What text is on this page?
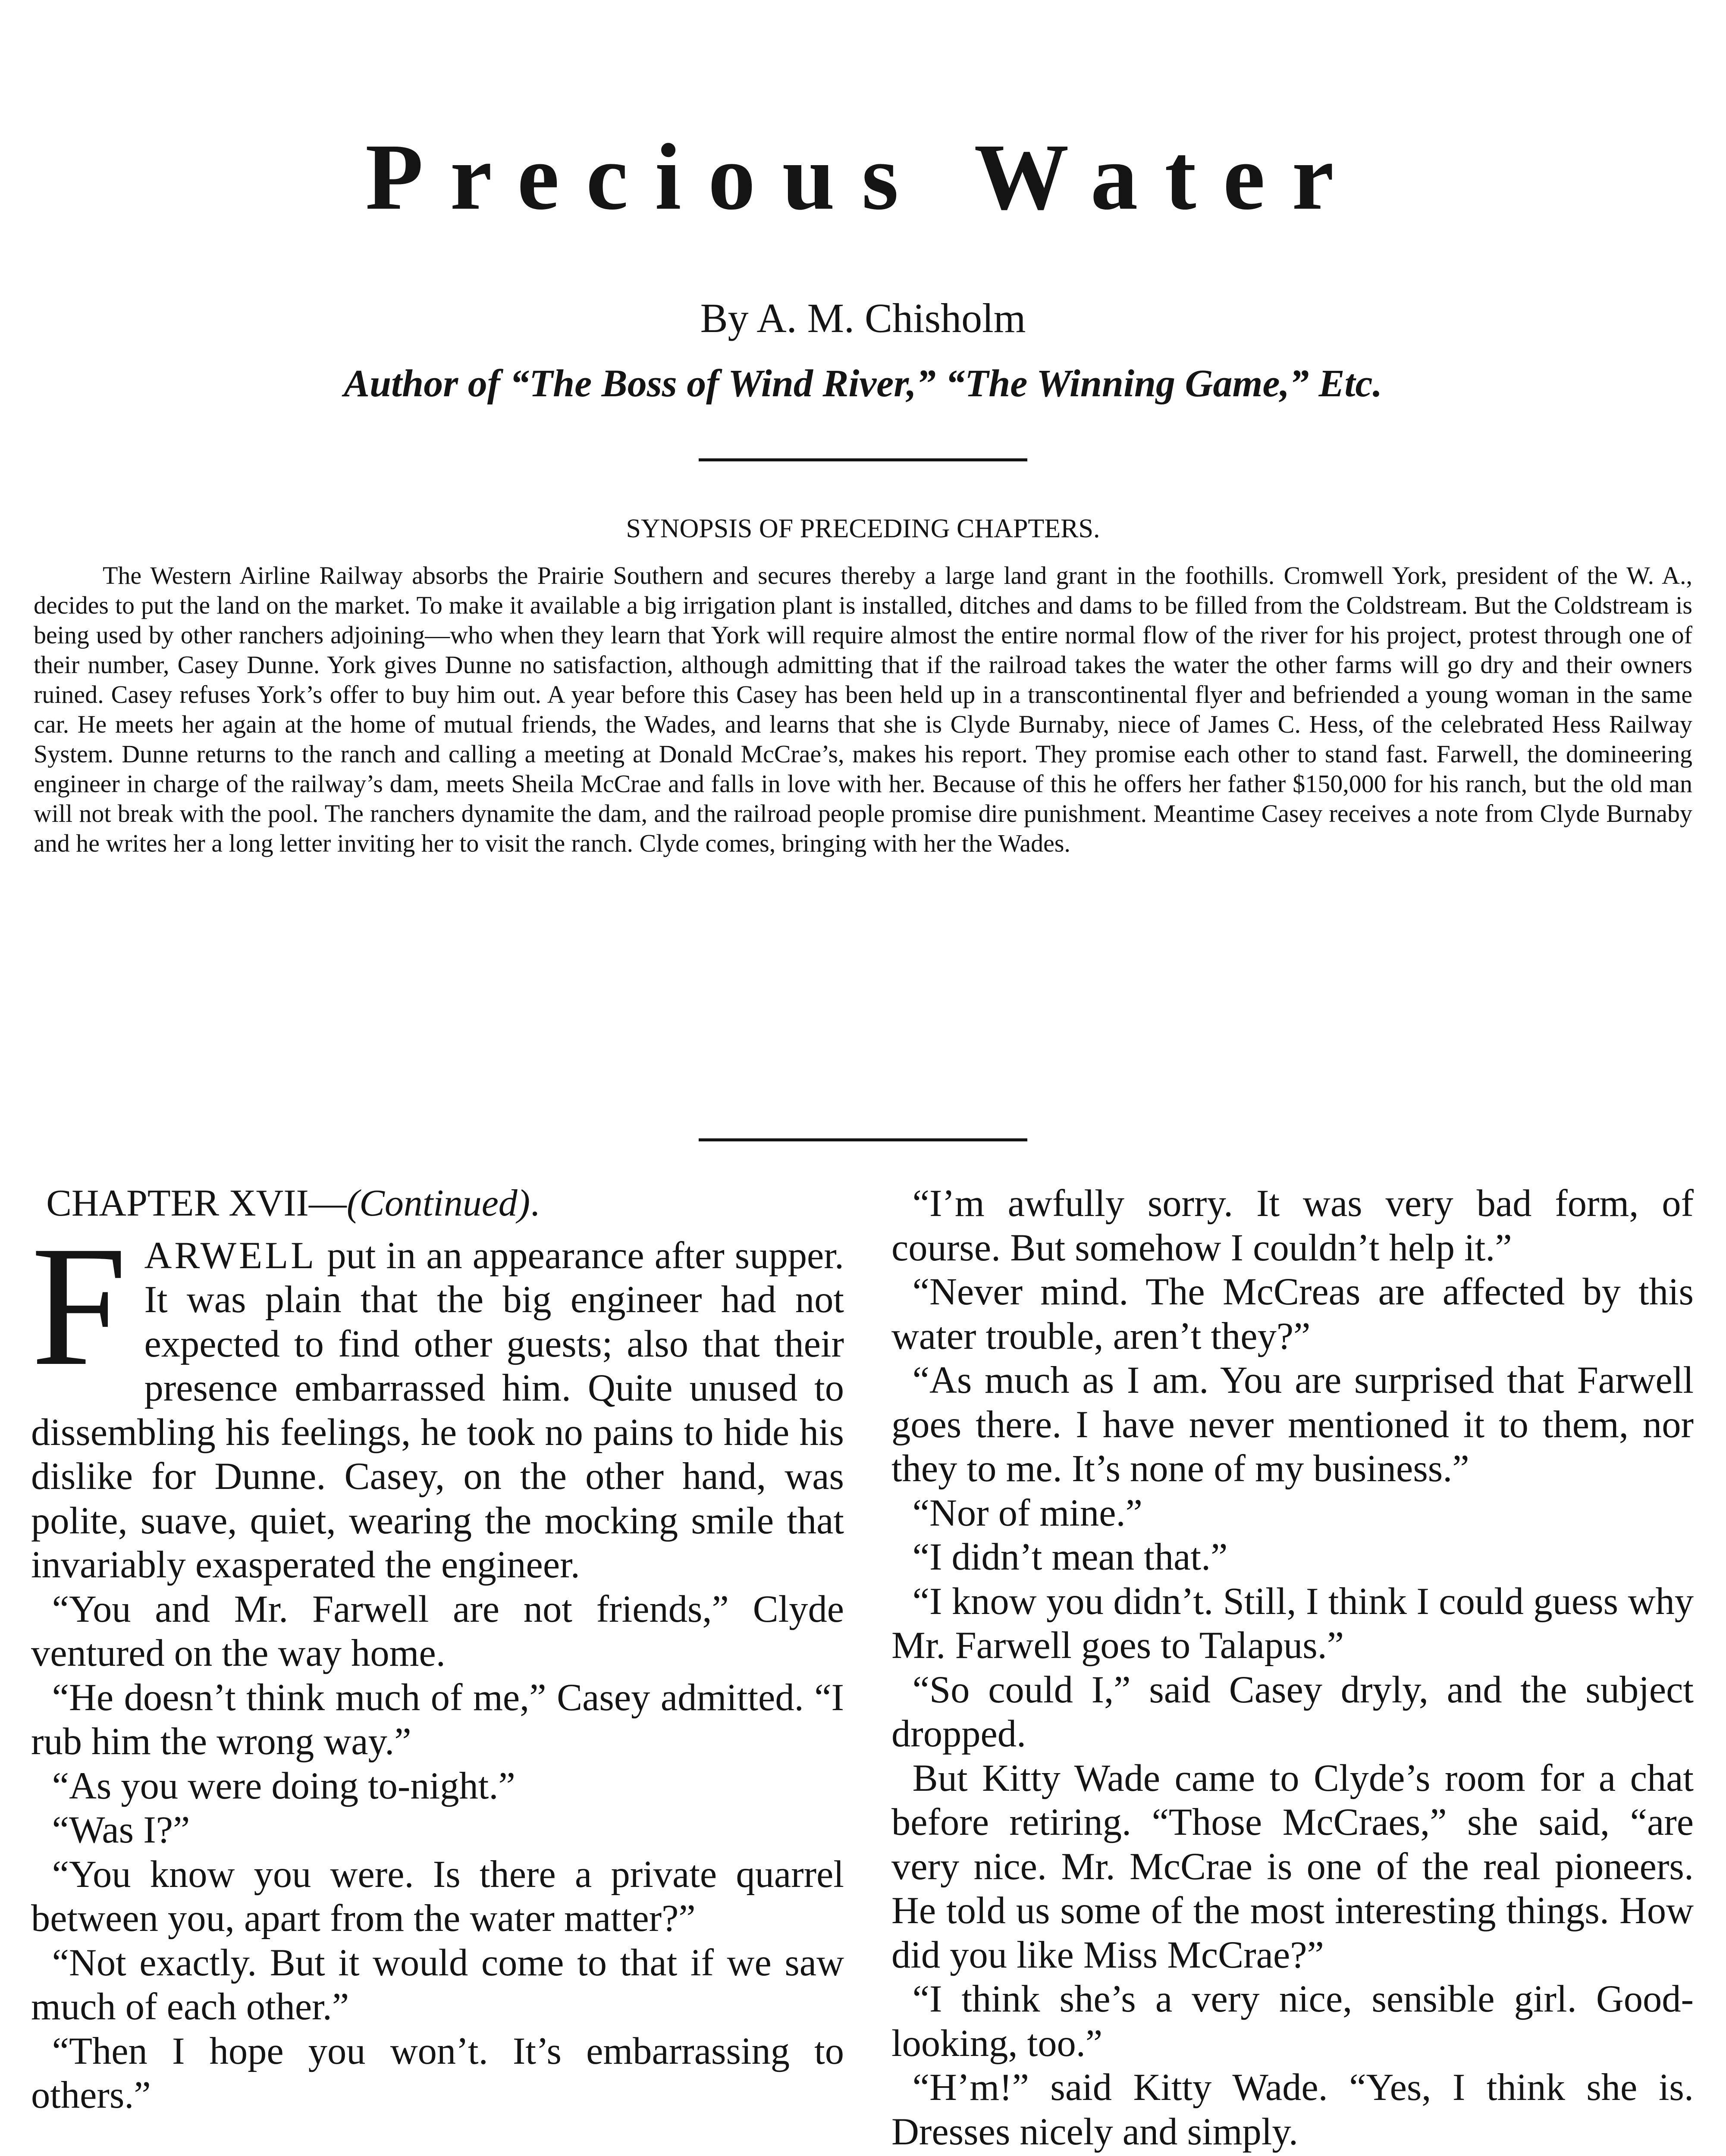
Precious Water
By A. M. Chisholm
Author of “The Boss of Wind River,” “The Winning Game,” Etc.
SYNOPSIS OF PRECEDING CHAPTERS.

The Western Airline Railway absorbs the Prairie Southern and secures thereby a large land grant in the foothills. Cromwell York, president of the W. A., decides to put the land on the market. To make it available a big irrigation plant is installed, ditches and dams to be filled from the Coldstream. But the Coldstream is being used by other ranchers adjoining—who when they learn that York will require almost the entire normal flow of the river for his project, protest through one of their number, Casey Dunne. York gives Dunne no satisfaction, although admitting that if the railroad takes the water the other farms will go dry and their owners ruined. Casey refuses York’s offer to buy him out. A year before this Casey has been held up in a transcontinental flyer and befriended a young woman in the same car. He meets her again at the home of mutual friends, the Wades, and learns that she is Clyde Burnaby, niece of James C. Hess, of the celebrated Hess Railway System. Dunne returns to the ranch and calling a meeting at Donald McCrae’s, makes his report. They promise each other to stand fast. Farwell, the domineering engineer in charge of the railway’s dam, meets Sheila McCrae and falls in love with her. Because of this he offers her father $150,000 for his ranch, but the old man will not break with the pool. The ranchers dynamite the dam, and the railroad people promise dire punishment. Meantime Casey receives a note from Clyde Burnaby and he writes her a long letter inviting her to visit the ranch. Clyde comes, bringing with her the Wades.

CHAPTER XVII—(Continued).

FARWELL put in an appearance after supper. It was plain that the big engineer had not expected to find other guests; also that their presence embarrassed him. Quite unused to dissembling his feelings, he took no pains to hide his dislike for Dunne. Casey, on the other hand, was polite, suave, quiet, wearing the mocking smile that invariably exasperated the engineer.

“You and Mr. Farwell are not friends,” Clyde ventured on the way home.

“He doesn’t think much of me,” Casey admitted. “I rub him the wrong way.”

“As you were doing to-night.”

“Was I?”

“You know you were. Is there a private quarrel between you, apart from the water matter?”

“Not exactly. But it would come to that if we saw much of each other.”

“Then I hope you won’t. It’s embarrassing to others.”

“I’m awfully sorry. It was very bad form, of course. But somehow I couldn’t help it.”

“Never mind. The McCreas are affected by this water trouble, aren’t they?”

“As much as I am. You are surprised that Farwell goes there. I have never mentioned it to them, nor they to me. It’s none of my business.”

“Nor of mine.”

“I didn’t mean that.”

“I know you didn’t. Still, I think I could guess why Mr. Farwell goes to Talapus.”

“So could I,” said Casey dryly, and the subject dropped.

But Kitty Wade came to Clyde’s room for a chat before retiring. “Those McCraes,” she said, “are very nice. Mr. McCrae is one of the real pioneers. He told us some of the most interesting things. How did you like Miss McCrae?”

“I think she’s a very nice, sensible girl. Good-looking, too.”

“H’m!” said Kitty Wade. “Yes, I think she is. Dresses nicely and simply.
